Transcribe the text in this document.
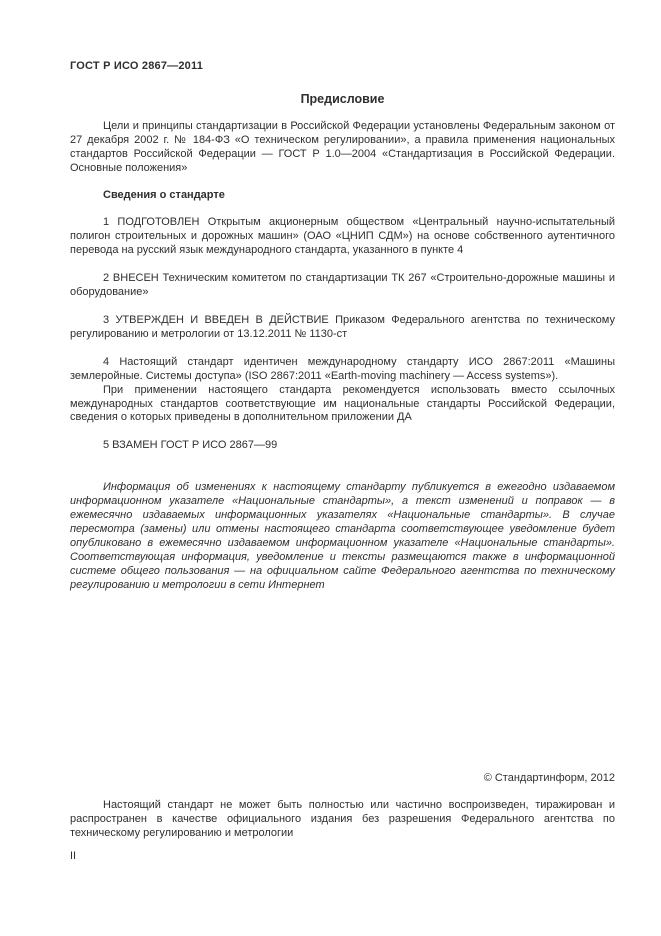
ГОСТ Р ИСО 2867—2011

Предисловие

Цели и принципы стандартизации в Российской Федерации установлены Федеральным законом от 27 декабря 2002 г. № 184-ФЗ «О техническом регулировании», а правила применения национальных стандартов Российской Федерации — ГОСТ Р 1.0—2004 «Стандартизация в Российской Федерации. Основные положения»

Сведения о стандарте

1 ПОДГОТОВЛЕН Открытым акционерным обществом «Центральный научно-испытательный полигон строительных и дорожных машин» (ОАО «ЦНИП СДМ») на основе собственного аутентичного перевода на русский язык международного стандарта, указанного в пункте 4

2 ВНЕСЕН Техническим комитетом по стандартизации ТК 267 «Строительно-дорожные машины и оборудование»

3 УТВЕРЖДЕН И ВВЕДЕН В ДЕЙСТВИЕ Приказом Федерального агентства по техническому регулированию и метрологии от 13.12.2011 № 1130-ст

4 Настоящий стандарт идентичен международному стандарту ИСО 2867:2011 «Машины землеройные. Системы доступа» (ISO 2867:2011 «Earth-moving machinery — Access systems»).

При применении настоящего стандарта рекомендуется использовать вместо ссылочных международных стандартов соответствующие им национальные стандарты Российской Федерации, сведения о которых приведены в дополнительном приложении ДА

5 ВЗАМЕН ГОСТ Р ИСО 2867—99

Информация об изменениях к настоящему стандарту публикуется в ежегодно издаваемом информационном указателе «Национальные стандарты», а текст изменений и поправок — в ежемесячно издаваемых информационных указателях «Национальные стандарты». В случае пересмотра (замены) или отмены настоящего стандарта соответствующее уведомление будет опубликовано в ежемесячно издаваемом информационном указателе «Национальные стандарты». Соответствующая информация, уведомление и тексты размещаются также в информационной системе общего пользования — на официальном сайте Федерального агентства по техническому регулированию и метрологии в сети Интернет

© Стандартинформ, 2012

Настоящий стандарт не может быть полностью или частично воспроизведен, тиражирован и распространен в качестве официального издания без разрешения Федерального агентства по техническому регулированию и метрологии

II
